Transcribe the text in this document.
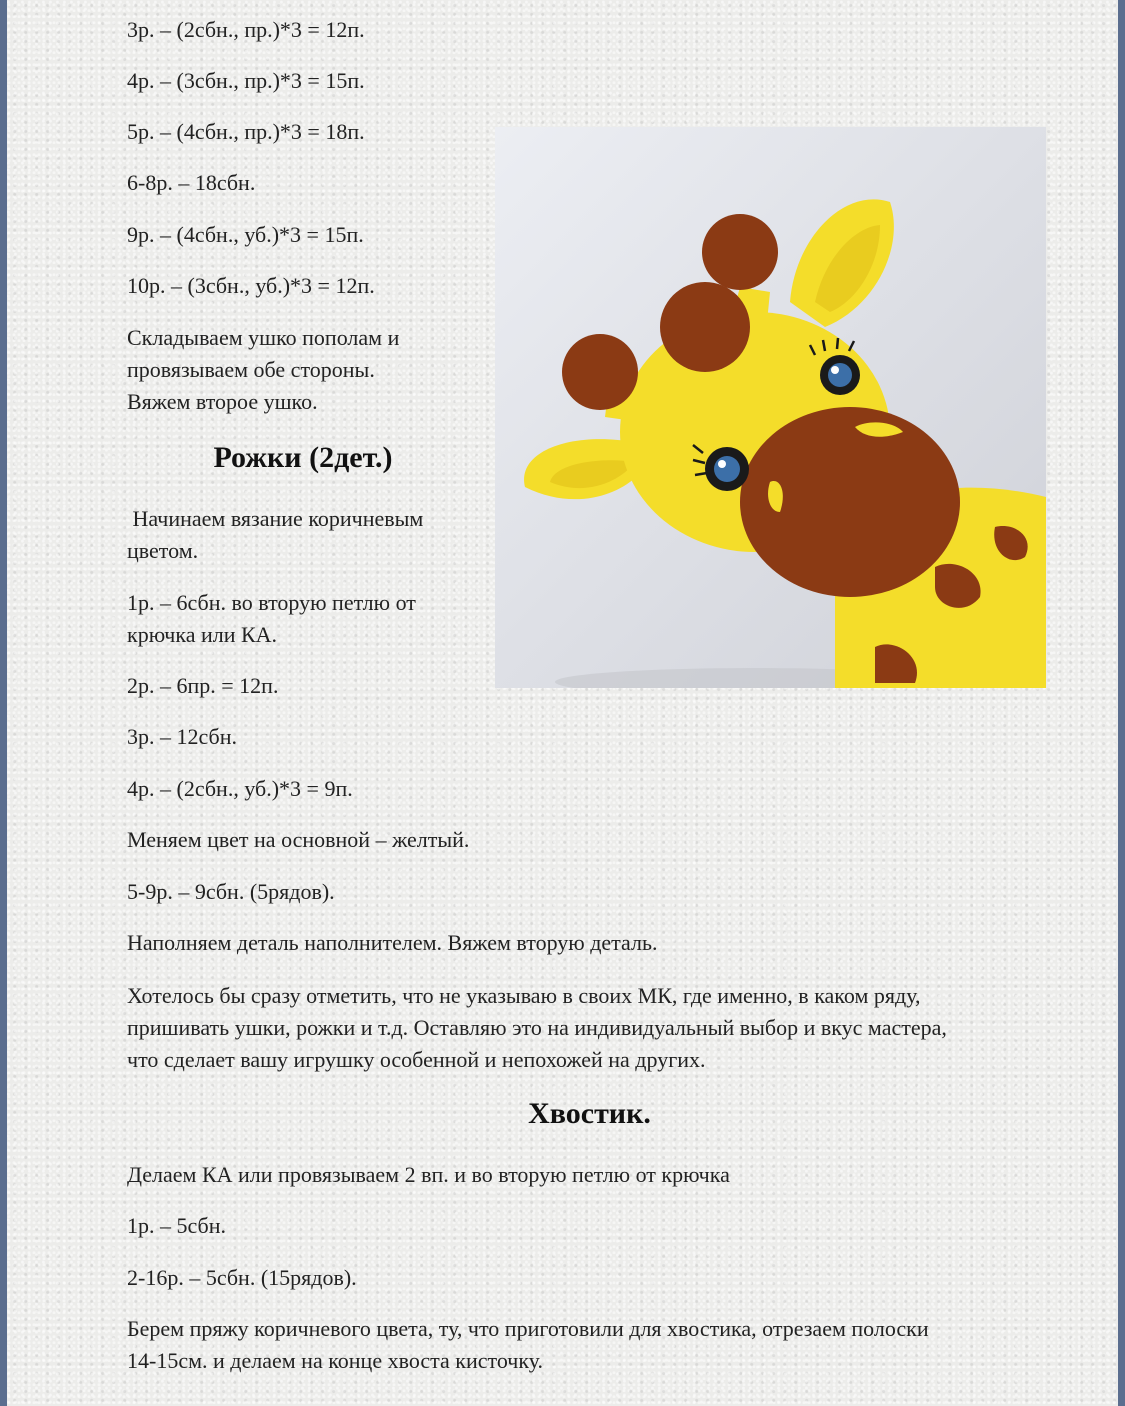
3р. – (2сбн., пр.)*3 = 12п.

4р. – (3сбн., пр.)*3 = 15п.

5р. – (4сбн., пр.)*3 = 18п.

6-8р. – 18сбн.

9р. – (4сбн., уб.)*3 = 15п.

10р. – (3сбн., уб.)*3 = 12п.

Складываем ушко пополам и

провязываем обе стороны.

Вяжем второе ушко.

Рожки (2дет.)

Начинаем вязание коричневым

цветом.

1р. – 6сбн. во вторую петлю от

крючка или КА.

2р. – 6пр. = 12п.

3р. – 12сбн.

4р. – (2сбн., уб.)*3 = 9п.

Меняем цвет на основной – желтый.

5-9р. – 9сбн. (5рядов).

Наполняем деталь наполнителем. Вяжем вторую деталь.

Хотелось бы сразу отметить, что не указываю в своих МК, где именно, в каком ряду,

пришивать ушки, рожки и т.д. Оставляю это на индивидуальный выбор и вкус мастера,

что сделает вашу игрушку особенной и непохожей на других.

Хвостик.

Делаем КА или провязываем 2 вп. и во вторую петлю от крючка

1р. – 5сбн.

2-16р. – 5сбн. (15рядов).

Берем пряжу коричневого цвета, ту, что приготовили для хвостика, отрезаем полоски

14-15см. и делаем на конце хвоста кисточку.
